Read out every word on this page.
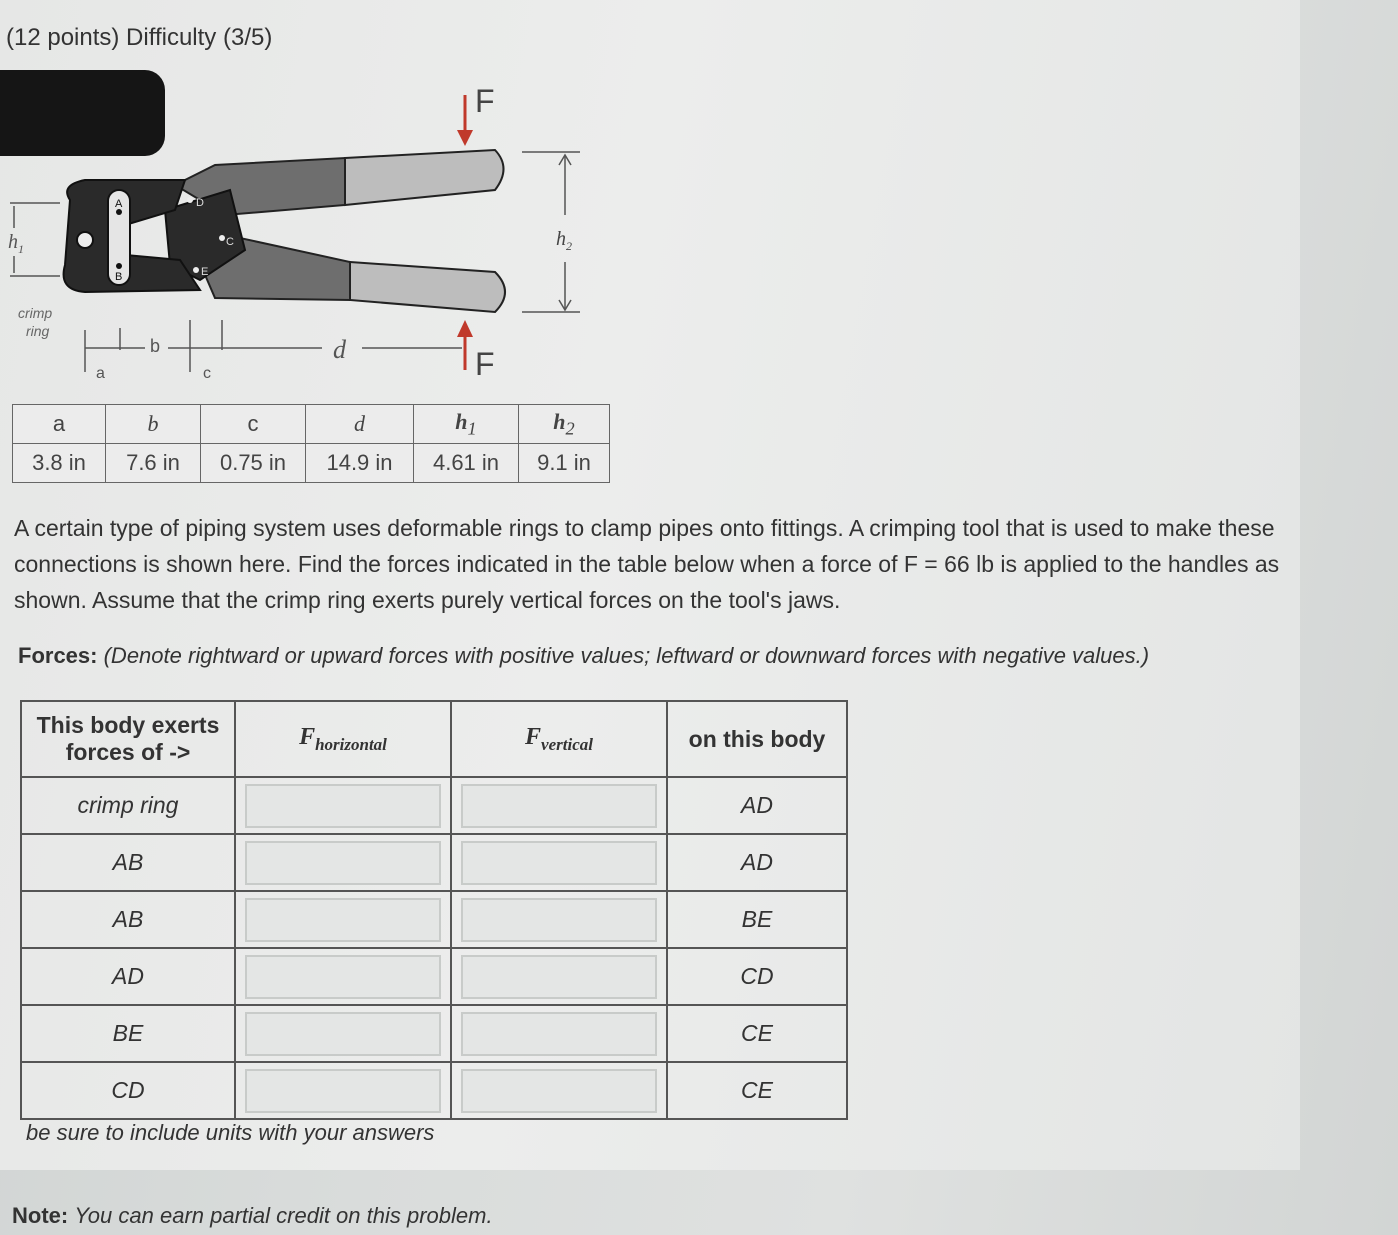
(12 points) Difficulty (3/5)
A
B
D
E
C
F
F
$h_2$
$h_1$
crimp
ring
a
b
c
d
a	b	c	d	$h_1$	$h_2$
3.8 in	7.6 in	0.75 in	14.9 in	4.61 in	9.1 in
A certain type of piping system uses deformable rings to clamp pipes onto fittings. A crimping tool that is used to make these connections is shown here. Find the forces indicated in the table below when a force of F = 66 lb is applied to the handles as shown. Assume that the crimp ring exerts purely vertical forces on the tool's jaws.
Forces: (Denote rightward or upward forces with positive values; leftward or downward forces with negative values.)
This body exerts forces of ->	$F_{horizontal}$	$F_{vertical}$	on this body
crimp ring			AD
AB			AD
AB			BE
AD			CD
BE			CE
CD			CE
be sure to include units with your answers
Note: You can earn partial credit on this problem.
